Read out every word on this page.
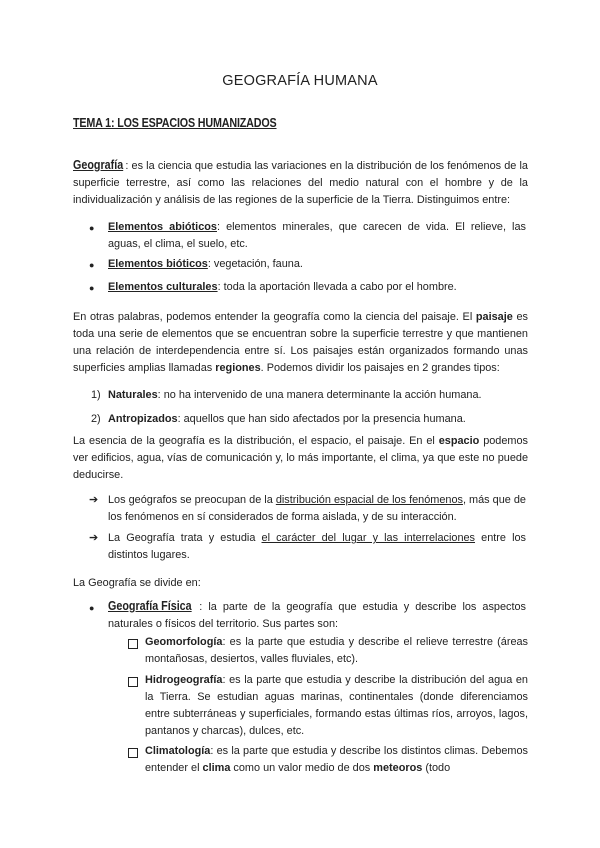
GEOGRAFÍA HUMANA
TEMA 1: LOS ESPACIOS HUMANIZADOS
Geografía : es la ciencia que estudia las variaciones en la distribución de los fenómenos de la superficie terrestre, así como las relaciones del medio natural con el hombre y de la individualización y análisis de las regiones de la superficie de la Tierra. Distinguimos entre:
● Elementos abióticos: elementos minerales, que carecen de vida. El relieve, las aguas, el clima, el suelo, etc.
● Elementos bióticos: vegetación, fauna.
● Elementos culturales: toda la aportación llevada a cabo por el hombre.
En otras palabras, podemos entender la geografía como la ciencia del paisaje. El paisaje es toda una serie de elementos que se encuentran sobre la superficie terrestre y que mantienen una relación de interdependencia entre sí. Los paisajes están organizados formando unas superficies amplias llamadas regiones. Podemos dividir los paisajes en 2 grandes tipos:
1) Naturales: no ha intervenido de una manera determinante la acción humana.
2) Antropizados: aquellos que han sido afectados por la presencia humana.
La esencia de la geografía es la distribución, el espacio, el paisaje. En el espacio podemos ver edificios, agua, vías de comunicación y, lo más importante, el clima, ya que este no puede deducirse.
➔ Los geógrafos se preocupan de la distribución espacial de los fenómenos, más que de los fenómenos en sí considerados de forma aislada, y de su interacción.
➔ La Geografía trata y estudia el carácter del lugar y las interrelaciones entre los distintos lugares.
La Geografía se divide en:
● Geografía Física : la parte de la geografía que estudia y describe los aspectos naturales o físicos del territorio. Sus partes son:
Geomorfología: es la parte que estudia y describe el relieve terrestre (áreas montañosas, desiertos, valles fluviales, etc).
Hidrogeografía: es la parte que estudia y describe la distribución del agua en la Tierra. Se estudian aguas marinas, continentales (donde diferenciamos entre subterráneas y superficiales, formando estas últimas ríos, arroyos, lagos, pantanos y charcas), dulces, etc.
Climatología: es la parte que estudia y describe los distintos climas. Debemos entender el clima como un valor medio de dos meteoros (todo
